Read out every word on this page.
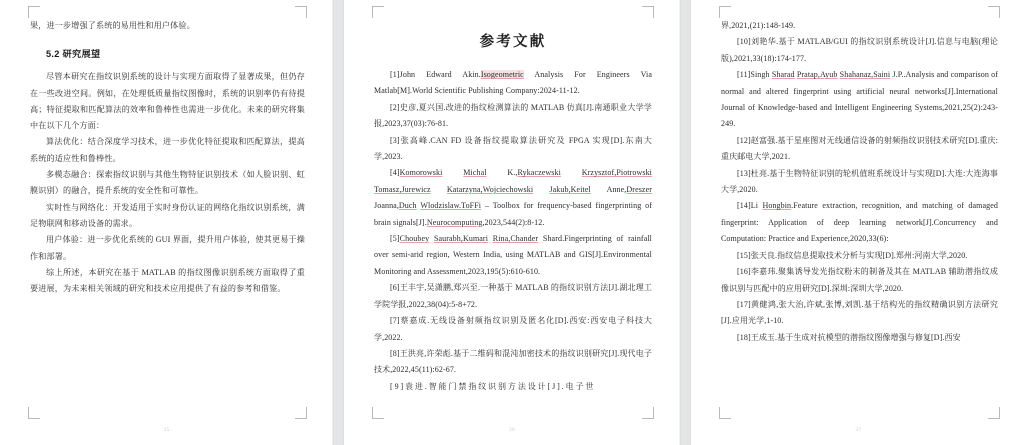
果，进一步增强了系统的易用性和用户体验。

5.2 研究展望

尽管本研究在指纹识别系统的设计与实现方面取得了显著成果，但仍存在一些改进空间。例如，在处理低质量指纹图像时，系统的识别率仍有待提高；特征提取和匹配算法的效率和鲁棒性也需进一步优化。未来的研究将集中在以下几个方面：

算法优化：结合深度学习技术，进一步优化特征提取和匹配算法，提高系统的适应性和鲁棒性。

多模态融合：探索指纹识别与其他生物特征识别技术（如人脸识别、虹膜识别）的融合，提升系统的安全性和可靠性。

实时性与网络化：开发适用于实时身份认证的网络化指纹识别系统，满足物联网和移动设备的需求。

用户体验：进一步优化系统的 GUI 界面，提升用户体验，使其更易于操作和部署。

综上所述，本研究在基于 MATLAB 的指纹图像识别系统方面取得了重要进展，为未来相关领域的研究和技术应用提供了有益的参考和借鉴。

35
参考文献

[1]John Edward Akin.Isogeometric Analysis For Engineers Via Matlab[M].World Scientific Publishing Company:2024-11-12.

[2]史彦,夏兴国.改进的指纹检测算法的 MATLAB 仿真[J].南通职业大学学报,2023,37(03):76-81.

[3]张高峰.CAN FD 设备指纹提取算法研究及 FPGA 实现[D].东南大学,2023.

[4]Komorowski	Michal K.,Rykaczewski	Krzysztof,Piotrowski Tomasz,Jurewicz Katarzyna,Wojciechowski Jakub,Keitel Anne,Dreszer Joanna,Duch Wlodzislaw.ToFFi – Toolbox for frequency-based fingerprinting of brain signals[J].Neurocomputing,2023,544(2):8-12.

[5]Choubey Saurabh,Kumari Rina,Chander Shard.Fingerprinting of rainfall over semi-arid region, Western India, using MATLAB and GIS[J].Environmental Monitoring and Assessment,2023,195(5):610-610.

[6]王丰宇,吴潇鹏,郑兴至.一种基于 MATLAB 的指纹识别方法[J].湖北理工学院学报,2022,38(04):5-8+72.

[7]蔡嘉成.无线设备射频指纹识别及匿名化[D].西安:西安电子科技大学,2022.

[8]王洪亮,许荣彪.基于二维码和混沌加密技术的指纹识别研究[J].现代电子技术,2022,45(11):62-67.

[9]袁进.智能门禁指纹识别方法设计[J].电子世

36

界,2021,(21):148-149.

[10]刘艳华.基于 MATLAB/GUI 的指纹识别系统设计[J].信息与电脑(理论版),2021,33(18):174-177.

[11]Singh Sharad Pratap,Ayub Shahanaz,Saini J.P..Analysis and comparison of normal and altered fingerprint using artificial neural networks[J].International Journal of Knowledge-based and Intelligent Engineering Systems,2021,25(2):243-249.

[12]赵富强.基于星座图对无线通信设备的射频指纹识别技术研究[D].重庆:重庆邮电大学,2021.

[13]杜亮.基于生物特征识别的轮机值班系统设计与实现[D].大连:大连海事大学,2020.

[14]Li Hongbin.Feature extraction, recognition, and matching of damaged fingerprint: Application of deep learning network[J].Concurrency and Computation: Practice and Experience,2020,33(6):

[15]张天良.指纹信息提取技术分析与实现[D].郑州:河南大学,2020.

[16]李嘉玮.聚集诱导发光指纹粉末的制备及其在 MATLAB 辅助潜指纹成像识别与匹配中的应用研究[D].深圳:深圳大学,2020.

[17]黄健鸿,张大治,许斌,张博,刘凯.基于结构光的指纹精确识别方法研究[J].应用光学,1-10.

[18]王成玉.基于生成对抗模型的潜指纹图像增强与修复[D].西安

37
